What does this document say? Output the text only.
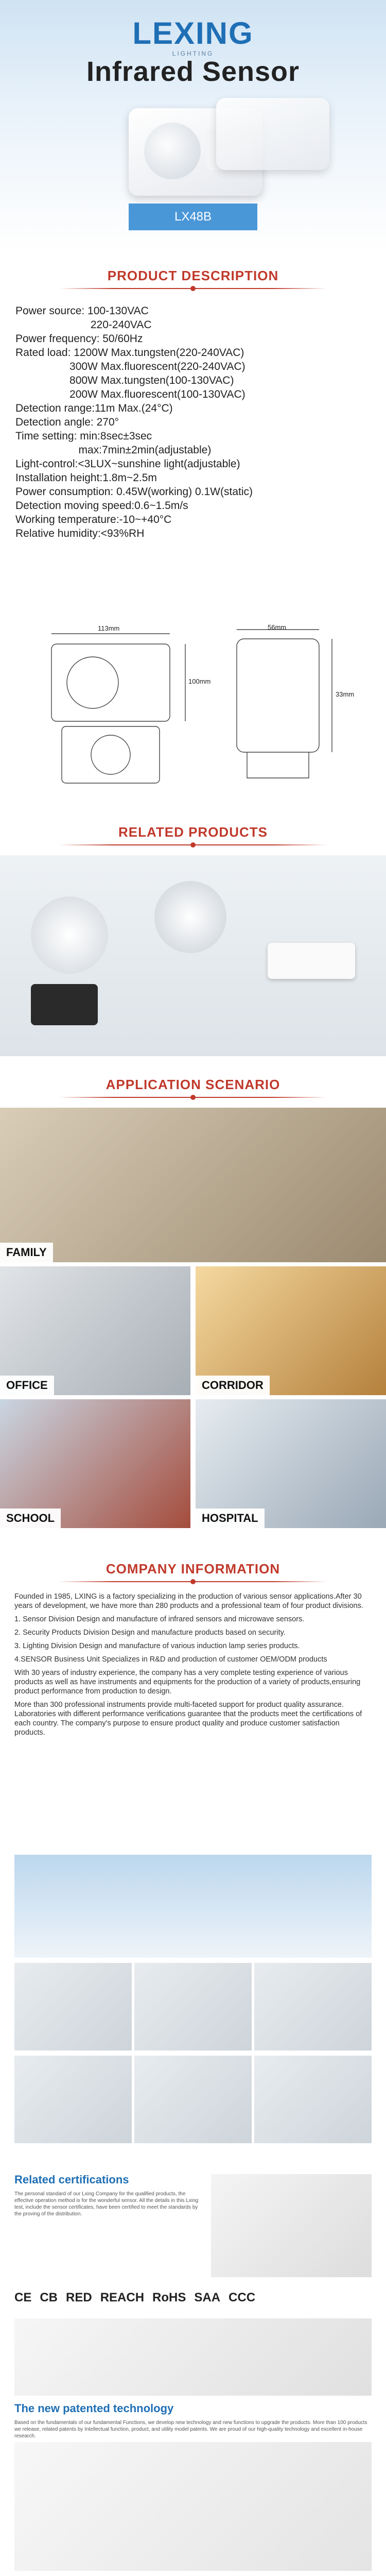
LEXING
LIGHTING
Infrared Sensor
LX48B
PRODUCT DESCRIPTION
Power source: 100-130VAC
220-240VAC
Power frequency: 50/60Hz
Rated load: 1200W Max.tungsten(220-240VAC)
300W Max.fluorescent(220-240VAC)
800W Max.tungsten(100-130VAC)
200W Max.fluorescent(100-130VAC)
Detection range:11m Max.(24°C)
Detection angle: 270°
Time setting: min:8sec±3sec
max:7min±2min(adjustable)
Light-control:<3LUX~sunshine light(adjustable)
Installation height:1.8m~2.5m
Power consumption: 0.45W(working) 0.1W(static)
Detection moving speed:0.6~1.5m/s
Working temperature:-10~+40°C
Relative humidity:<93%RH
113mm
100mm
56mm
33mm
RELATED PRODUCTS
APPLICATION SCENARIO
FAMILY
OFFICE	CORRIDOR
SCHOOL	HOSPITAL
COMPANY INFORMATION

Founded in 1985, LXING is a factory specializing in the production of various sensor applications.After 30 years of development, we have more than 280 products and a professional team of four product divisions.

1. Sensor Division Design and manufacture of infrared sensors and microwave sensors.

2. Security Products Division Design and manufacture products based on security.

3. Lighting Division Design and manufacture of various induction lamp series products.

4.SENSOR Business Unit Specializes in R&D and production of customer OEM/ODM products

With 30 years of industry experience, the company has a very complete testing experience of various products as well as have instruments and equipments for the production of a variety of products,ensuring product performance from production to design.

More than 300 professional instruments provide multi-faceted support for product quality assurance. Laboratories with different performance verifications guarantee that the products meet the certifications of each country. The company's purpose to ensure product quality and produce customer satisfaction products.

Related certifications
The personal standard of our Lxing Company for the qualified products, the effective operation method is for the wonderful sensor. All the details in this Lxing test, include the sensor certificates, have been certified to meet the standards by the proving of the distribution.
CE CB RED REACH RoHS SAA CCC
The new patented technology
Based on the fundamentals of our fundamental Functions, we develop new technology and new functions to upgrade the products. More than 100 products we release, related patents by Intellectual function, product, and utility model patents. We are proud of our high-quality technology and excellent in-house research.
